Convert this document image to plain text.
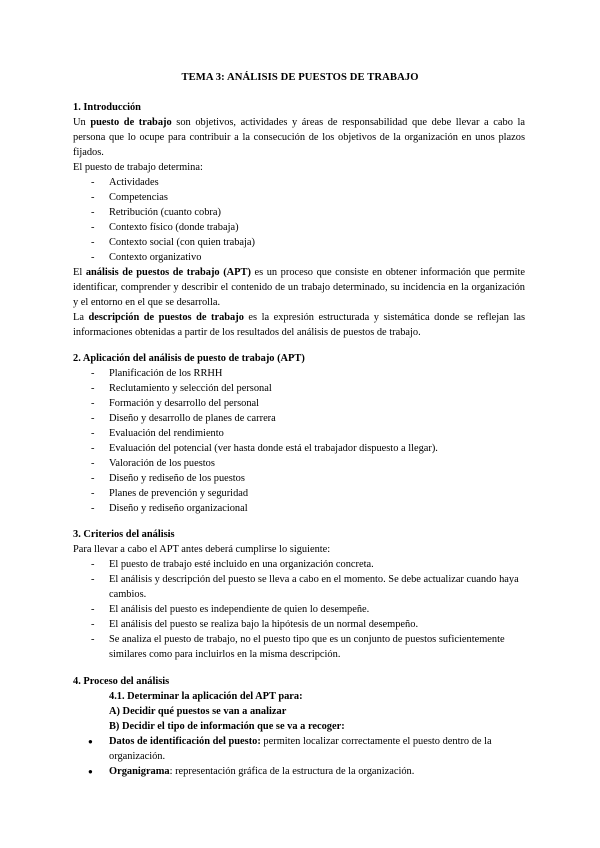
TEMA 3: ANÁLISIS DE PUESTOS DE TRABAJO
1. Introducción

Un puesto de trabajo son objetivos, actividades y áreas de responsabilidad que debe llevar a cabo la persona que lo ocupe para contribuir a la consecución de los objetivos de la organización en unos plazos fijados.

El puesto de trabajo determina:

- Actividades
- Competencias
- Retribución (cuanto cobra)
- Contexto físico (donde trabaja)
- Contexto social (con quien trabaja)
- Contexto organizativo

El análisis de puestos de trabajo (APT) es un proceso que consiste en obtener información que permite identificar, comprender y describir el contenido de un trabajo determinado, su incidencia en la organización y el entorno en el que se desarrolla.

La descripción de puestos de trabajo es la expresión estructurada y sistemática donde se reflejan las informaciones obtenidas a partir de los resultados del análisis de puestos de trabajo.

2. Aplicación del análisis de puesto de trabajo (APT)
- Planificación de los RRHH
- Reclutamiento y selección del personal
- Formación y desarrollo del personal
- Diseño y desarrollo de planes de carrera
- Evaluación del rendimiento
- Evaluación del potencial (ver hasta donde está el trabajador dispuesto a llegar).
- Valoración de los puestos
- Diseño y rediseño de los puestos
- Planes de prevención y seguridad
- Diseño y rediseño organizacional
3. Criterios del análisis

Para llevar a cabo el APT antes deberá cumplirse lo siguiente:

- El puesto de trabajo esté incluido en una organización concreta.
- El análisis y descripción del puesto se lleva a cabo en el momento. Se debe actualizar cuando haya cambios.
- El análisis del puesto es independiente de quien lo desempeñe.
- El análisis del puesto se realiza bajo la hipótesis de un normal desempeño.
- Se analiza el puesto de trabajo, no el puesto tipo que es un conjunto de puestos suficientemente similares como para incluirlos en la misma descripción.
4. Proceso del análisis

4.1. Determinar la aplicación del APT para:

A) Decidir qué puestos se van a analizar

B) Decidir el tipo de información que se va a recoger:

● Datos de identificación del puesto: permiten localizar correctamente el puesto dentro de la organización.
● Organigrama: representación gráfica de la estructura de la organización.
